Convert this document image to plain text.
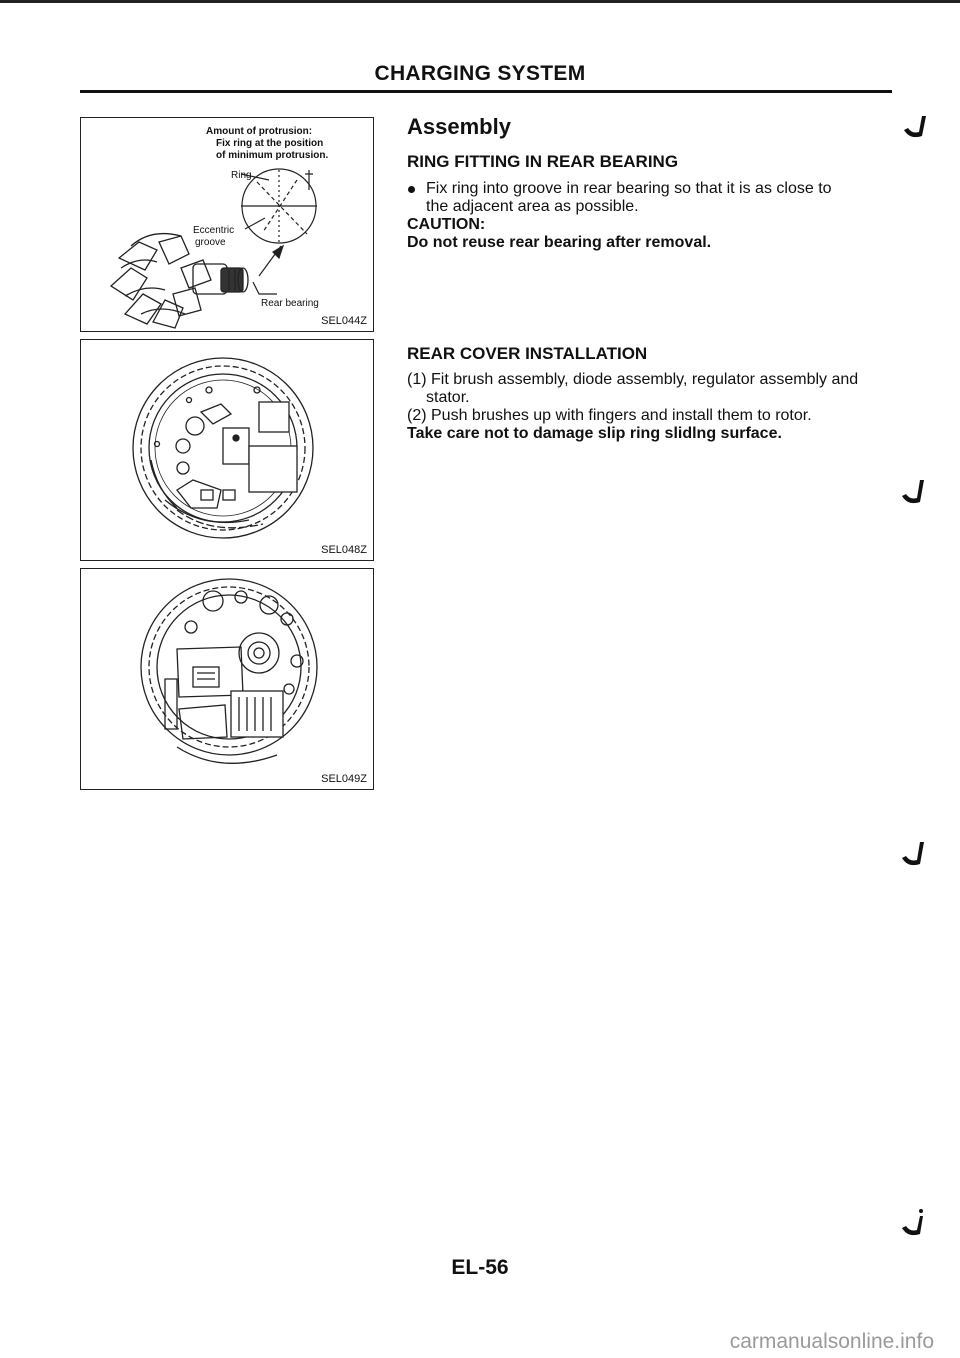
CHARGING SYSTEM
Amount of protrusion:
Fix ring at the position
of minimum protrusion.
Ring
Eccentric
groove
Rear bearing
SEL044Z
SEL048Z
SEL049Z
Assembly
RING FITTING IN REAR BEARING
Fix ring into groove in rear bearing so that it is as close to
the adjacent area as possible.
CAUTION:
Do not reuse rear bearing after removal.
REAR COVER INSTALLATION
(1) Fit brush assembly, diode assembly, regulator assembly and
stator.
(2) Push brushes up with fingers and install them to rotor.
Take care not to damage slip ring slidlng surface.
EL-56
carmanualsonline.info
